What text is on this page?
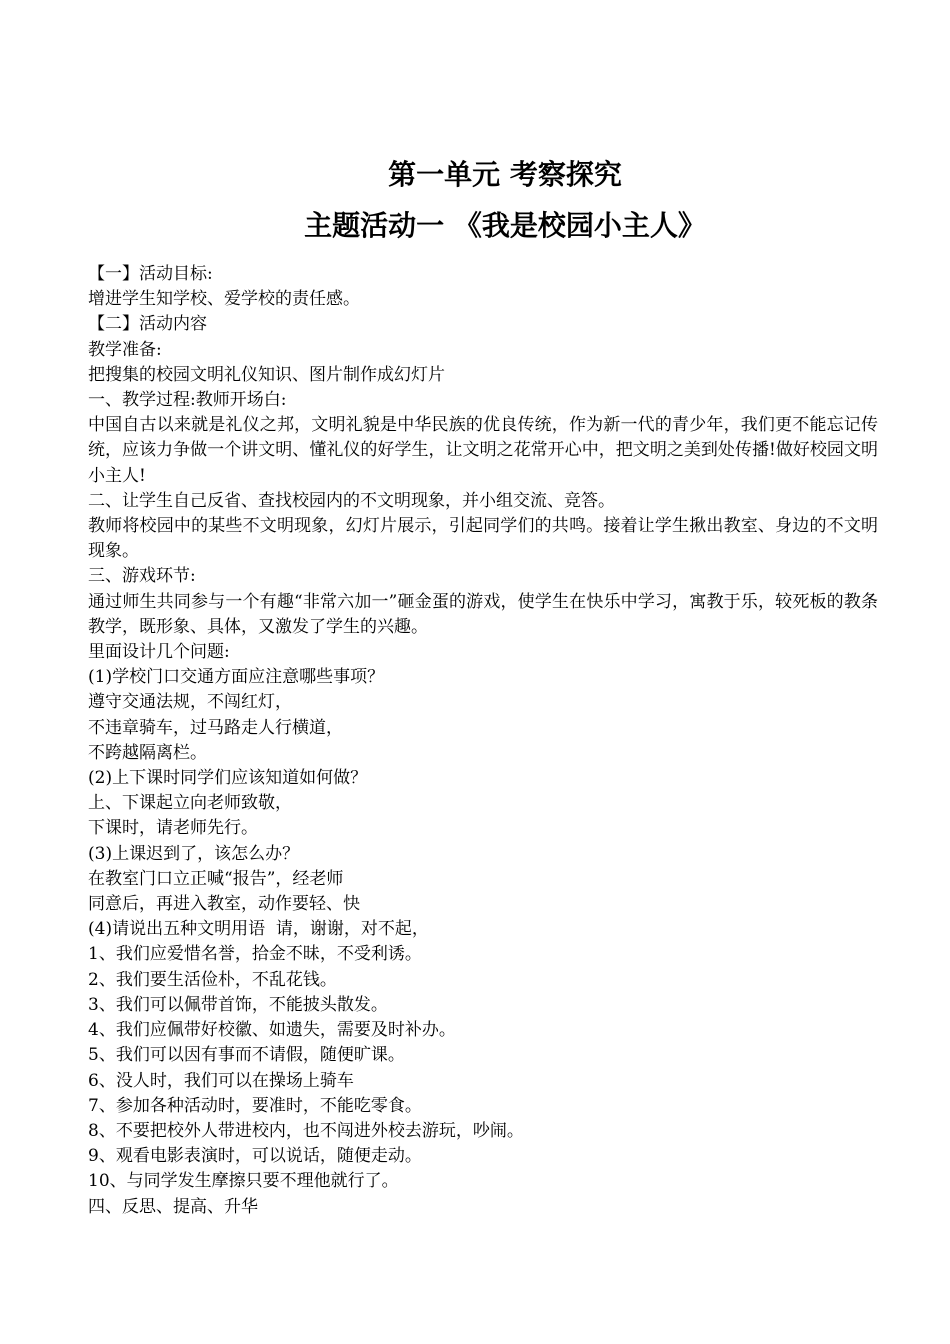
第一单元 考察探究
主题活动一 《我是校园小主人》
【一】活动目标:
增进学生知学校、爱学校的责任感。
【二】活动内容
教学准备:
把搜集的校园文明礼仪知识、图片制作成幻灯片
一、教学过程:教师开场白:
中国自古以来就是礼仪之邦，文明礼貌是中华民族的优良传统，作为新一代的青少年，我们更不能忘记传统，应该力争做一个讲文明、懂礼仪的好学生，让文明之花常开心中，把文明之美到处传播!做好校园文明小主人!
二、让学生自己反省、查找校园内的不文明现象，并小组交流、竞答。
教师将校园中的某些不文明现象，幻灯片展示，引起同学们的共鸣。接着让学生揪出教室、身边的不文明现象。
三、游戏环节:
通过师生共同参与一个有趣“非常六加一”砸金蛋的游戏，使学生在快乐中学习，寓教于乐，较死板的教条教学，既形象、具体，又激发了学生的兴趣。
里面设计几个问题:
(1)学校门口交通方面应注意哪些事项？
遵守交通法规，不闯红灯，
不违章骑车，过马路走人行横道，
不跨越隔离栏。
(2)上下课时同学们应该知道如何做？
上、下课起立向老师致敬，
下课时，请老师先行。
(3)上课迟到了，该怎么办？
在教室门口立正喊“报告”，经老师
同意后，再进入教室，动作要轻、快
(4)请说出五种文明用语  请，谢谢，对不起，
1、我们应爱惜名誉，拾金不昧，不受利诱。
2、我们要生活俭朴，不乱花钱。
3、我们可以佩带首饰，不能披头散发。
4、我们应佩带好校徽、如遗失，需要及时补办。
5、我们可以因有事而不请假，随便旷课。
6、没人时，我们可以在操场上骑车
7、参加各种活动时，要准时，不能吃零食。
8、不要把校外人带进校内，也不闯进外校去游玩，吵闹。
9、观看电影表演时，可以说话，随便走动。
10、与同学发生摩擦只要不理他就行了。
四、反思、提高、升华
